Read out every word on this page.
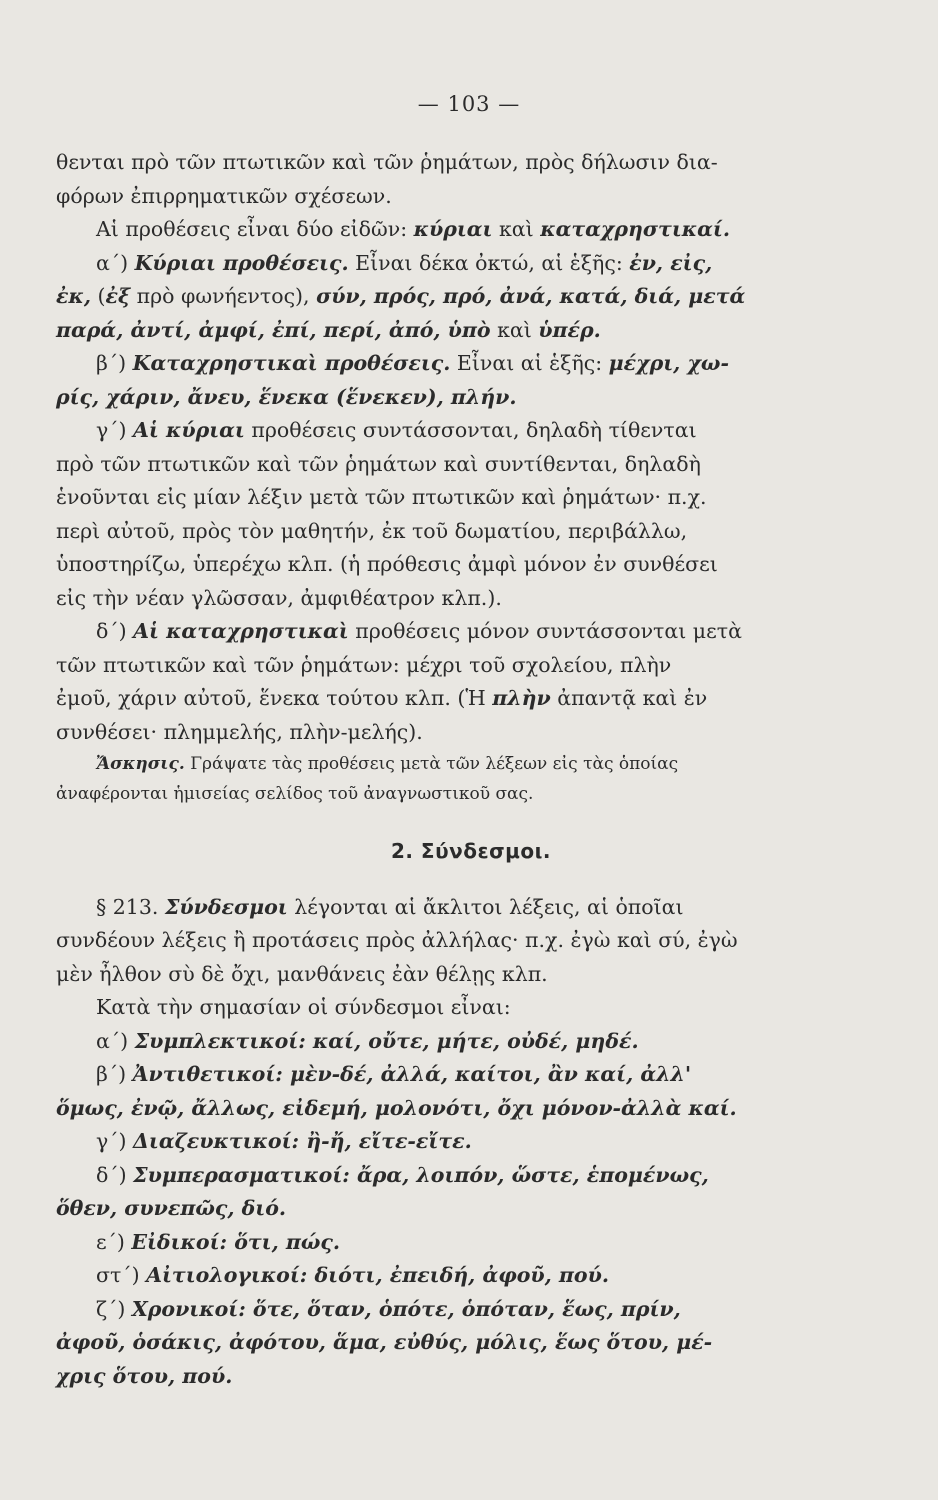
— 103 —
θενται πρὸ τῶν πτωτικῶν καὶ τῶν ῥημάτων, πρὸς δήλωσιν δια-
φόρων ἐπιρρηματικῶν σχέσεων.
Αἱ προθέσεις εἶναι δύο εἰδῶν: κύριαι καὶ καταχρηστικαί.
α΄) Κύριαι προθέσεις. Εἶναι δέκα ὀκτώ, αἱ ἑξῆς: ἐν, εἰς,
ἐκ, (ἐξ πρὸ φωνήεντος), σύν, πρός, πρό, ἀνά, κατά, διά, μετά
παρά, ἀντί, ἀμφί, ἐπί, περί, ἀπό, ὑπὸ καὶ ὑπέρ.
β΄) Καταχρηστικαὶ προθέσεις. Εἶναι αἱ ἑξῆς: μέχρι, χω-
ρίς, χάριν, ἄνευ, ἕνεκα (ἕνεκεν), πλήν.
γ΄) Αἱ κύριαι προθέσεις συντάσσονται, δηλαδὴ τίθενται
πρὸ τῶν πτωτικῶν καὶ τῶν ῥημάτων καὶ συντίθενται, δηλαδὴ
ἑνοῦνται εἰς μίαν λέξιν μετὰ τῶν πτωτικῶν καὶ ῥημάτων· π.χ.
περὶ αὐτοῦ, πρὸς τὸν μαθητήν, ἐκ τοῦ δωματίου, περιβάλλω,
ὑποστηρίζω, ὑπερέχω κλπ. (ἡ πρόθεσις ἀμφὶ μόνον ἐν συνθέσει
εἰς τὴν νέαν γλῶσσαν, ἀμφιθέατρον κλπ.).
δ΄) Αἱ καταχρηστικαὶ προθέσεις μόνον συντάσσονται μετὰ
τῶν πτωτικῶν καὶ τῶν ῥημάτων: μέχρι τοῦ σχολείου, πλὴν
ἐμοῦ, χάριν αὐτοῦ, ἕνεκα τούτου κλπ. (Ἡ πλὴν ἀπαντᾷ καὶ ἐν
συνθέσει· πλημμελής, πλὴν-μελής).
Ἄσκησις. Γράψατε τὰς προθέσεις μετὰ τῶν λέξεων εἰς τὰς ὁποίας
ἀναφέρονται ἡμισείας σελίδος τοῦ ἀναγνωστικοῦ σας.
2. Σύνδεσμοι.
§ 213. Σύνδεσμοι λέγονται αἱ ἄκλιτοι λέξεις, αἱ ὁποῖαι
συνδέουν λέξεις ἢ προτάσεις πρὸς ἀλλήλας· π.χ. ἐγὼ καὶ σύ, ἐγὼ
μὲν ἦλθον σὺ δὲ ὄχι, μανθάνεις ἐὰν θέλῃς κλπ.
Κατὰ τὴν σημασίαν οἱ σύνδεσμοι εἶναι:
α΄) Συμπλεκτικοί: καί, οὔτε, μήτε, οὐδέ, μηδέ.
β΄) Ἀντιθετικοί: μὲν-δέ, ἀλλά, καίτοι, ἂν καί, ἀλλ'
ὅμως, ἐνῷ, ἄλλως, εἰδεμή, μολονότι, ὄχι μόνον-ἀλλὰ καί.
γ΄) Διαζευκτικοί: ἢ-ἤ, εἴτε-εἴτε.
δ΄) Συμπερασματικοί: ἄρα, λοιπόν, ὥστε, ἑπομένως,
ὅθεν, συνεπῶς, διό.
ε΄) Εἰδικοί: ὅτι, πώς.
στ΄) Αἰτιολογικοί: διότι, ἐπειδή, ἀφοῦ, πού.
ζ΄) Χρονικοί: ὅτε, ὅταν, ὁπότε, ὁπόταν, ἕως, πρίν,
ἀφοῦ, ὁσάκις, ἀφότου, ἅμα, εὐθύς, μόλις, ἕως ὅτου, μέ-
χρις ὅτου, πού.
